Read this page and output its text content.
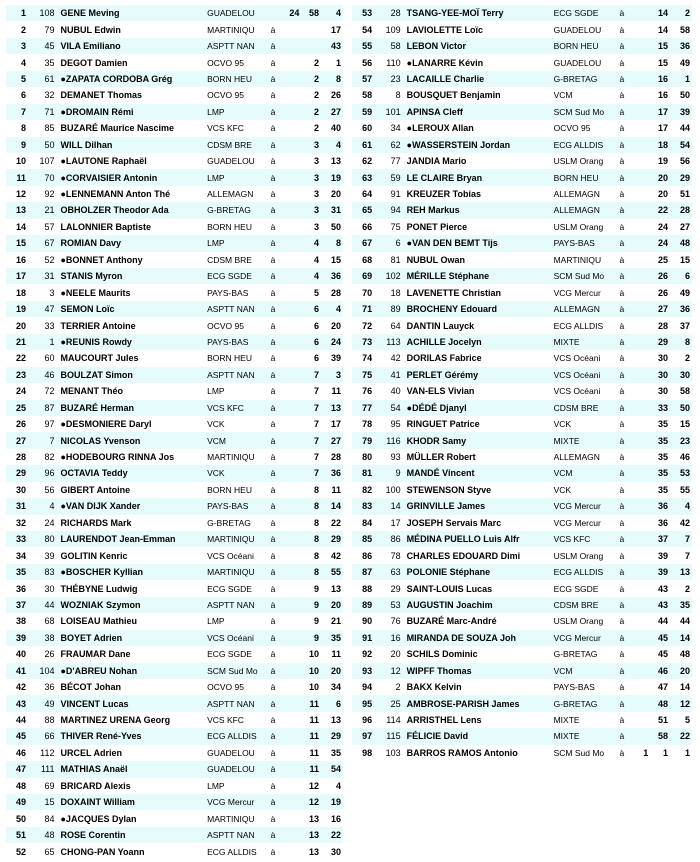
1	108	GENE Meving	GUADELOU		24	58	4
2	79	NUBUL Edwin	MARTINIQU	à			17
3	45	VILA Emiliano	ASPTT NAN	à			43
4	35	DEGOT Damien	OCVO 95	à		2	1
5	61	●ZAPATA CORDOBA Grég	BORN HEU	à		2	8
6	32	DEMANET Thomas	OCVO 95	à		2	26
7	71	●DROMAIN Rémi	LMP	à		2	27
8	85	BUZARÉ Maurice Nascime	VCS KFC	à		2	40
9	50	WILL Dilhan	CDSM BRE	à		3	4
10	107	●LAUTONE Raphaël	GUADELOU	à		3	13
11	70	●CORVAISIER Antonin	LMP	à		3	19
12	92	●LENNEMANN Anton Thé	ALLEMAGN	à		3	20
13	21	OBHOLZER Theodor Ada	G-BRETAG	à		3	31
14	57	LALONNIER Baptiste	BORN HEU	à		3	50
15	67	ROMIAN Davy	LMP	à		4	8
16	52	●BONNET Anthony	CDSM BRE	à		4	15
17	31	STANIS Myron	ECG SGDE	à		4	36
18	3	●NEELE Maurits	PAYS-BAS	à		5	28
19	47	SEMON Loïc	ASPTT NAN	à		6	4
20	33	TERRIER Antoine	OCVO 95	à		6	20
21	1	●REUNIS Rowdy	PAYS-BAS	à		6	24
22	60	MAUCOURT Jules	BORN HEU	à		6	39
23	46	BOULZAT Simon	ASPTT NAN	à		7	3
24	72	MENANT Théo	LMP	à		7	11
25	87	BUZARÉ Herman	VCS KFC	à		7	13
26	97	●DESMONIERE Daryl	VCK	à		7	17
27	7	NICOLAS Yvenson	VCM	à		7	27
28	82	●HODEBOURG RINNA Jos	MARTINIQU	à		7	28
29	96	OCTAVIA Teddy	VCK	à		7	36
30	56	GIBERT Antoine	BORN HEU	à		8	11
31	4	●VAN DIJK Xander	PAYS-BAS	à		8	14
32	24	RICHARDS Mark	G-BRETAG	à		8	22
33	80	LAURENDOT Jean-Emman	MARTINIQU	à		8	29
34	39	GOLITIN Kenric	VCS Océani	à		8	42
35	83	●BOSCHER Kyllian	MARTINIQU	à		8	55
36	30	THÉBYNE Ludwig	ECG SGDE	à		9	13
37	44	WOZNIAK Szymon	ASPTT NAN	à		9	20
38	68	LOISEAU Mathieu	LMP	à		9	21
39	38	BOYET Adrien	VCS Océani	à		9	35
40	26	FRAUMAR Dane	ECG SGDE	à		10	11
41	104	●D'ABREU Nohan	SCM Sud Mo	à		10	20
42	36	BÉCOT Johan	OCVO 95	à		10	34
43	49	VINCENT Lucas	ASPTT NAN	à		11	6
44	88	MARTINEZ URENA Georg	VCS KFC	à		11	13
45	66	THIVER René-Yves	ECG ALLDIS	à		11	29
46	112	URCEL Adrien	GUADELOU	à		11	35
47	111	MATHIAS Anaël	GUADELOU	à		11	54
48	69	BRICARD Alexis	LMP	à		12	4
49	15	DOXAINT William	VCG Mercur	à		12	19
50	84	●JACQUES Dylan	MARTINIQU	à		13	16
51	48	ROSE Corentin	ASPTT NAN	à		13	22
52	65	CHONG-PAN Yoann	ECG ALLDIS	à		13	30
53	28	TSANG-YEE-MOÏ Terry	ECG SGDE	à		14	2
54	109	LAVIOLETTE Loïc	GUADELOU	à		14	58
55	58	LEBON Victor	BORN HEU	à		15	36
56	110	●LANARRE Kévin	GUADELOU	à		15	49
57	23	LACAILLE Charlie	G-BRETAG	à		16	1
58	8	BOUSQUET Benjamin	VCM	à		16	50
59	101	APINSA Cleff	SCM Sud Mo	à		17	39
60	34	●LEROUX Allan	OCVO 95	à		17	44
61	62	●WASSERSTEIN Jordan	ECG ALLDIS	à		18	54
62	77	JANDIA Mario	USLM Orang	à		19	56
63	59	LE CLAIRE Bryan	BORN HEU	à		20	29
64	91	KREUZER Tobias	ALLEMAGN	à		20	51
65	94	REH Markus	ALLEMAGN	à		22	28
66	75	PONET Pierce	USLM Orang	à		24	27
67	6	●VAN DEN BEMT Tijs	PAYS-BAS	à		24	48
68	81	NUBUL Owan	MARTINIQU	à		25	15
69	102	MÉRILLE Stéphane	SCM Sud Mo	à		26	6
70	18	LAVENETTE Christian	VCG Mercur	à		26	49
71	89	BROCHENY Edouard	ALLEMAGN	à		27	36
72	64	DANTIN Lauyck	ECG ALLDIS	à		28	37
73	113	ACHILLE Jocelyn	MIXTE	à		29	8
74	42	DORILAS Fabrice	VCS Océani	à		30	2
75	41	PERLET Gérémy	VCS Océani	à		30	30
76	40	VAN-ELS Vivian	VCS Océani	à		30	58
77	54	●DÉDÉ Djanyl	CDSM BRE	à		33	50
78	95	RINGUET Patrice	VCK	à		35	15
79	116	KHODR Samy	MIXTE	à		35	23
80	93	MÜLLER Robert	ALLEMAGN	à		35	46
81	9	MANDÉ Vincent	VCM	à		35	53
82	100	STEWENSON Styve	VCK	à		35	55
83	14	GRINVILLE James	VCG Mercur	à		36	4
84	17	JOSEPH Servais Marc	VCG Mercur	à		36	42
85	86	MÉDINA PUELLO Luis Alfr	VCS KFC	à		37	7
86	78	CHARLES EDOUARD Dimi	USLM Orang	à		39	7
87	63	POLONIE Stéphane	ECG ALLDIS	à		39	13
88	29	SAINT-LOUIS Lucas	ECG SGDE	à		43	2
89	53	AUGUSTIN Joachim	CDSM BRE	à		43	35
90	76	BUZARÉ Marc-André	USLM Orang	à		44	44
91	16	MIRANDA DE SOUZA Joh	VCG Mercur	à		45	14
92	20	SCHILS Dominic	G-BRETAG	à		45	48
93	12	WIPFF Thomas	VCM	à		46	20
94	2	BAKX Kelvin	PAYS-BAS	à		47	14
95	25	AMBROSE-PARISH James	G-BRETAG	à		48	12
96	114	ARRISTHEL Lens	MIXTE	à		51	5
97	115	FÉLICIE David	MIXTE	à		58	22
98	103	BARROS RAMOS Antonio	SCM Sud Mo	à	1	1	1
